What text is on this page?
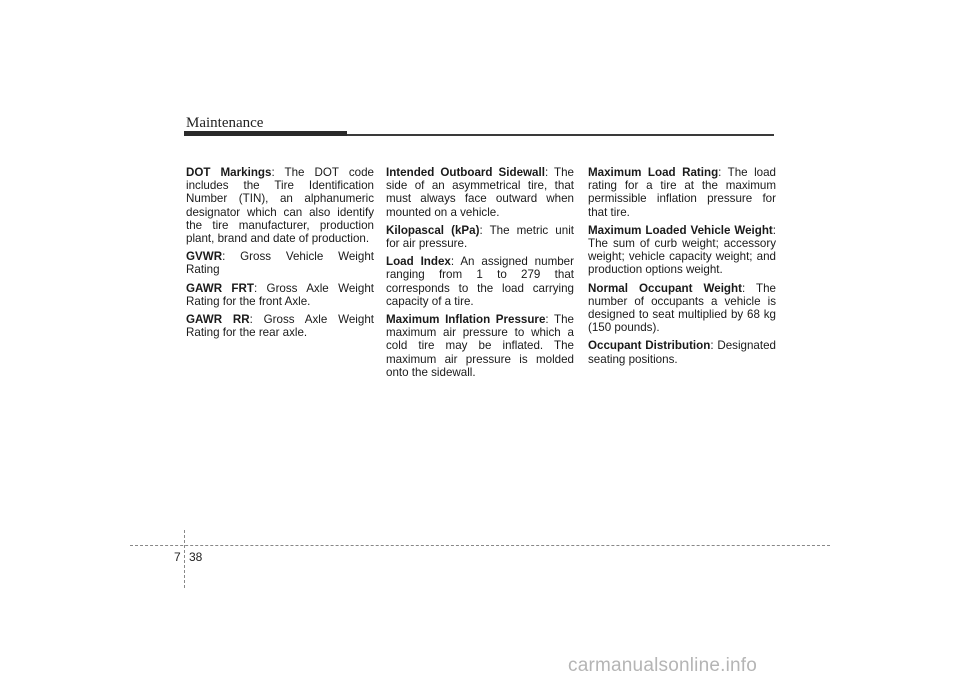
Maintenance

DOT Markings: The DOT code includes the Tire Identification Number (TIN), an alphanumeric designator which can also identify the tire manufacturer, production plant, brand and date of production.

GVWR: Gross Vehicle Weight Rating

GAWR FRT: Gross Axle Weight Rating for the front Axle.

GAWR RR: Gross Axle Weight Rating for the rear axle.

Intended Outboard Sidewall: The side of an asymmetrical tire, that must always face outward when mounted on a vehicle.

Kilopascal (kPa): The metric unit for air pressure.

Load Index: An assigned number ranging from 1 to 279 that corresponds to the load carrying capacity of a tire.

Maximum Inflation Pressure: The maximum air pressure to which a cold tire may be inflated. The maximum air pressure is molded onto the sidewall.

Maximum Load Rating: The load rating for a tire at the maximum permissible inflation pressure for that tire.

Maximum Loaded Vehicle Weight: The sum of curb weight; accessory weight; vehicle capacity weight; and production options weight.

Normal Occupant Weight: The number of occupants a vehicle is designed to seat multiplied by 68 kg (150 pounds).

Occupant Distribution: Designated seating positions.

7 38
carmanualsonline.info
